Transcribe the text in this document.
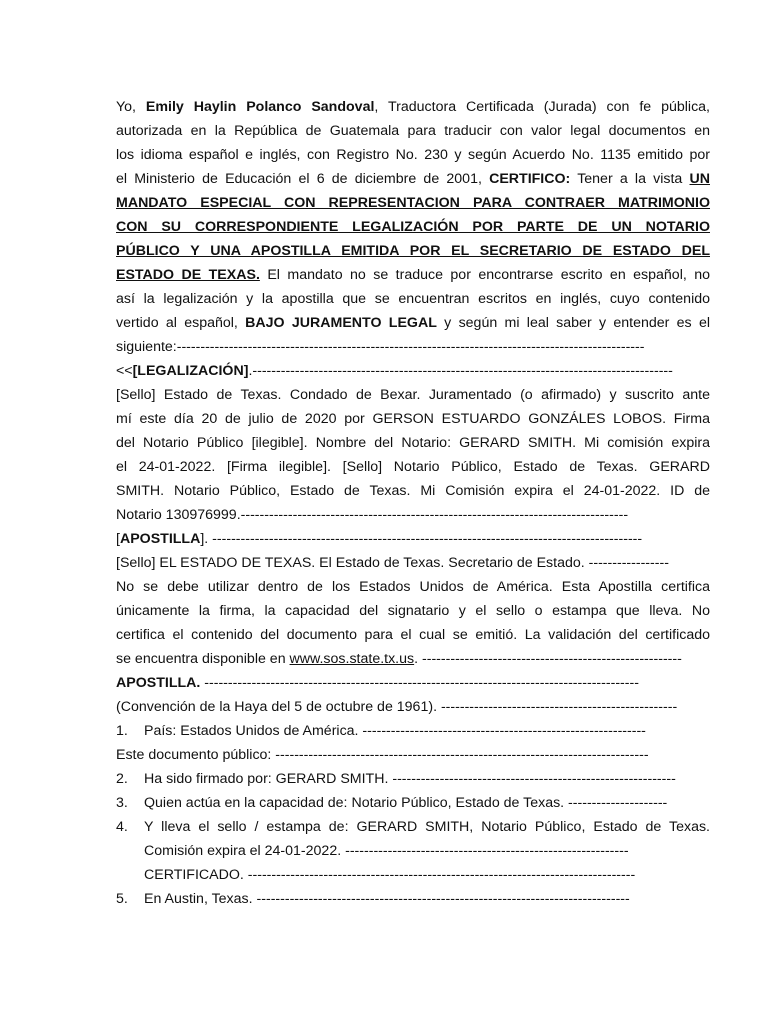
Yo, Emily Haylin Polanco Sandoval, Traductora Certificada (Jurada) con fe pública,
autorizada en la República de Guatemala para traducir con valor legal documentos en
los idioma español e inglés, con Registro No. 230 y según Acuerdo No. 1135 emitido por
el Ministerio de Educación el 6 de diciembre de 2001, CERTIFICO: Tener a la vista UN
MANDATO ESPECIAL CON REPRESENTACION PARA CONTRAER MATRIMONIO
CON SU CORRESPONDIENTE LEGALIZACIÓN POR PARTE DE UN NOTARIO
PÚBLICO Y UNA APOSTILLA EMITIDA POR EL SECRETARIO DE ESTADO DEL
ESTADO DE TEXAS. El mandato no se traduce por encontrarse escrito en español, no
así la legalización y la apostilla que se encuentran escritos en inglés, cuyo contenido
vertido al español, BAJO JURAMENTO LEGAL y según mi leal saber y entender es el
siguiente:---------------------------------------------------------------------------------------------------
<<[LEGALIZACIÓN].-----------------------------------------------------------------------------------------
[Sello] Estado de Texas. Condado de Bexar. Juramentado (o afirmado) y suscrito ante
mí este día 20 de julio de 2020 por GERSON ESTUARDO GONZÁLES LOBOS. Firma
del Notario Público [ilegible]. Nombre del Notario: GERARD SMITH. Mi comisión expira
el 24-01-2022. [Firma ilegible]. [Sello] Notario Público, Estado de Texas. GERARD
SMITH. Notario Público, Estado de Texas. Mi Comisión expira el 24-01-2022. ID de
Notario 130976999.----------------------------------------------------------------------------------
[APOSTILLA]. -------------------------------------------------------------------------------------------
[Sello] EL ESTADO DE TEXAS. El Estado de Texas. Secretario de Estado. -----------------
No se debe utilizar dentro de los Estados Unidos de América. Esta Apostilla certifica
únicamente la firma, la capacidad del signatario y el sello o estampa que lleva. No
certifica el contenido del documento para el cual se emitió. La validación del certificado
se encuentra disponible en www.sos.state.tx.us. -------------------------------------------------------
APOSTILLA. --------------------------------------------------------------------------------------------
(Convención de la Haya del 5 de octubre de 1961). --------------------------------------------------
1. País: Estados Unidos de América. ------------------------------------------------------------
Este documento público: -------------------------------------------------------------------------------
2. Ha sido firmado por: GERARD SMITH. ------------------------------------------------------------
3. Quien actúa en la capacidad de: Notario Público, Estado de Texas. ---------------------
4. Y lleva el sello / estampa de: GERARD SMITH, Notario Público, Estado de Texas.
Comisión expira el 24-01-2022. ------------------------------------------------------------
CERTIFICADO. ----------------------------------------------------------------------------------
5. En Austin, Texas. -------------------------------------------------------------------------------
